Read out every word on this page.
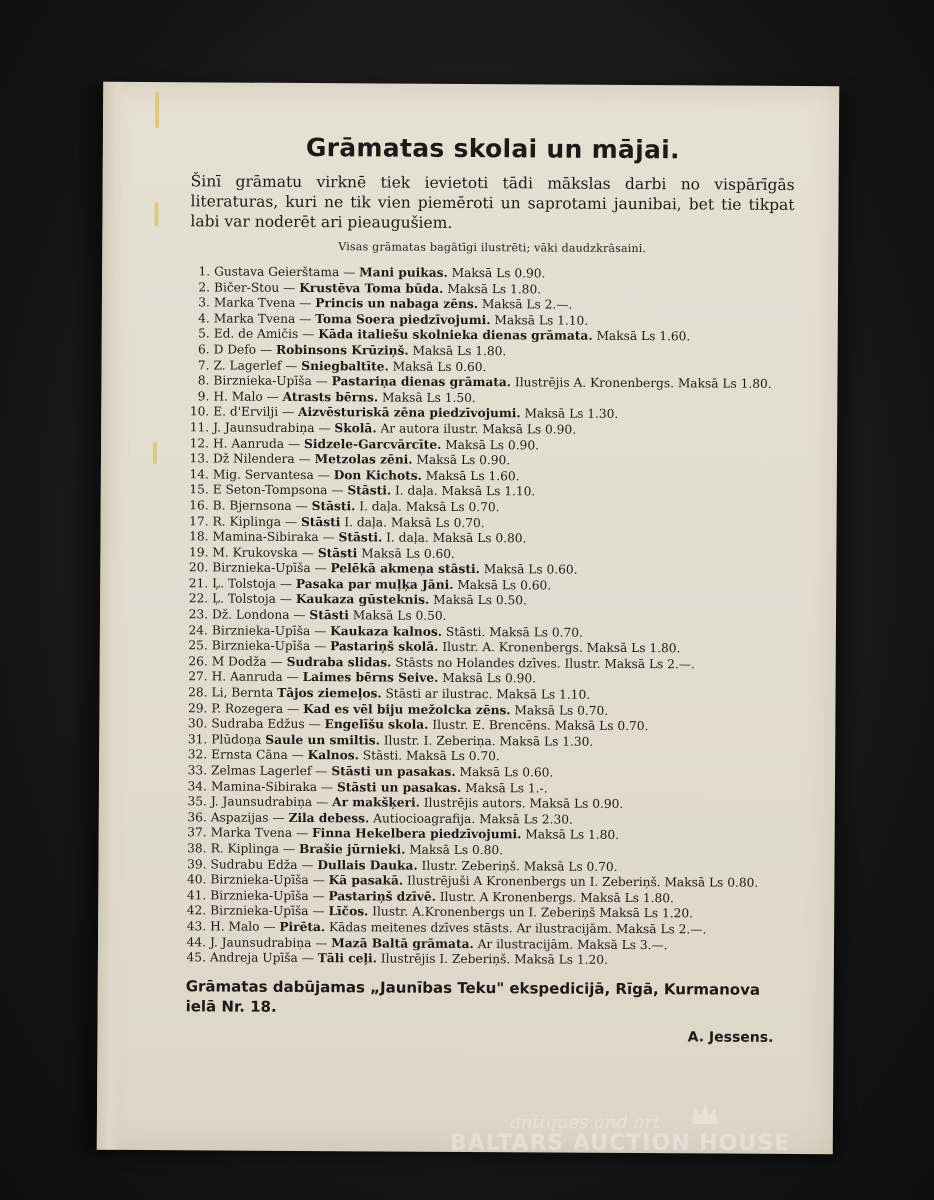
Grāmatas skolai un mājai.

Šinī grāmatu virknē tiek ievietoti tādi mākslas darbi no vispārīgās literaturas, kuri ne tik vien piemēroti un saprotami jaunibai, bet tie tikpat labi var noderēt ari pieaugušiem.

Visas grāmatas bagātīgi ilustrēti; vāki daudzkrāsaini.
1. Gustava Geierštama — Mani puikas. Maksā Ls 0.90.
2. Bičer-Stou — Krustēva Toma būda. Maksā Ls 1.80.
3. Marka Tvena — Princis un nabaga zēns. Maksā Ls 2.—.
4. Marka Tvena — Toma Soera piedzīvojumi. Maksā Ls 1.10.
5. Ed. de Amičis — Kāda italiešu skolnieka dienas grāmata. Maksā Ls 1.60.
6. D Defo — Robinsons Krūziņš. Maksā Ls 1.80.
7. Z. Lagerlef — Sniegbaltīte. Maksā Ls 0.60.
8. Birznieka-Upīša — Pastariņa dienas grāmata. Ilustrējis A. Kronenbergs. Maksā Ls 1.80.
9. H. Malo — Atrasts bērns. Maksā Ls 1.50.
10. E. d'Ervilji — Aizvēsturiskā zēna piedzīvojumi. Maksā Ls 1.30.
11. J. Jaunsudrabiņa — Skolā. Ar autora ilustr. Maksā Ls 0.90.
12. H. Aanruda — Sidzele-Garcvārcīte. Maksā Ls 0.90.
13. Dž Nilendera — Metzolas zēni. Maksā Ls 0.90.
14. Mig. Servantesa — Don Kichots. Maksā Ls 1.60.
15. E Seton-Tompsona — Stāsti. I. daļa. Maksā Ls 1.10.
16. B. Bjernsona — Stāsti. I. daļa. Maksā Ls 0.70.
17. R. Kiplinga — Stāsti I. daļa. Maksā Ls 0.70.
18. Mamina-Sibiraka — Stāsti. I. daļa. Maksā Ls 0.80.
19. M. Krukovska — Stāsti Maksā Ls 0.60.
20. Birznieka-Upīša — Pelēkā akmeņa stāsti. Maksā Ls 0.60.
21. Ļ. Tolstoja — Pasaka par muļķa Jāni. Maksā Ls 0.60.
22. Ļ. Tolstoja — Kaukaza gūsteknis. Maksā Ls 0.50.
23. Dž. Londona — Stāsti Maksā Ls 0.50.
24. Birznieka-Upīša — Kaukaza kalnos. Stāsti. Maksā Ls 0.70.
25. Birznieka-Upīša — Pastariņš skolā. Ilustr. A. Kronenbergs. Maksā Ls 1.80.
26. M Dodža — Sudraba slidas. Stāsts no Holandes dzīves. Ilustr. Maksā Ls 2.—.
27. H. Aanruda — Laimes bērns Seive. Maksā Ls 0.90.
28. Li, Bernta Tājos ziemeļos. Stāsti ar ilustrac. Maksā Ls 1.10.
29. P. Rozegera — Kad es vēl biju mežolcka zēns. Maksā Ls 0.70.
30. Sudraba Edžus — Engelīšu skola. Ilustr. E. Brencēns. Maksā Ls 0.70.
31. Plūdoņa Saule un smiltis. Ilustr. I. Zeberiņa. Maksā Ls 1.30.
32. Ernsta Cāna — Kalnos. Stāsti. Maksā Ls 0.70.
33. Zelmas Lagerlef — Stāsti un pasakas. Maksā Ls 0.60.
34. Mamina-Sibiraka — Stāsti un pasakas. Maksā Ls 1.-.
35. J. Jaunsudrabiņa — Ar makšķeri. Ilustrējis autors. Maksā Ls 0.90.
36. Aspazijas — Zila debess. Autiocioagrafija. Maksā Ls 2.30.
37. Marka Tvena — Finna Hekelbera piedzīvojumi. Maksā Ls 1.80.
38. R. Kiplinga — Brašie jūrnieki. Maksā Ls 0.80.
39. Sudrabu Edža — Dullais Dauka. Ilustr. Zeberiņš. Maksā Ls 0.70.
40. Birznieka-Upīša — Kā pasakā. Ilustrējuši A Kronenbergs un I. Zeberiņš. Maksā Ls 0.80.
41. Birznieka-Upīša — Pastariņš dzīvē. Ilustr. A Kronenbergs. Maksā Ls 1.80.
42. Birznieka-Upīša — Līčos. Ilustr. A.Kronenbergs un I. Zeberiņš Maksā Ls 1.20.
43. H. Malo — Pirēta. Kādas meitenes dzīves stāsts. Ar ilustracijām. Maksā Ls 2.—.
44. J. Jaunsudrabiņa — Mazā Baltā grāmata. Ar ilustracijām. Maksā Ls 3.—.
45. Andreja Upīša — Tāli ceļi. Ilustrējis I. Zeberiņš. Maksā Ls 1.20.
Grāmatas dabūjamas „Jaunības Teku" ekspedicijā, Rīgā, Kurmanova ielā Nr. 18.
A. Jessens.
antiques and art
BALTARS AUCTION HOUSE
